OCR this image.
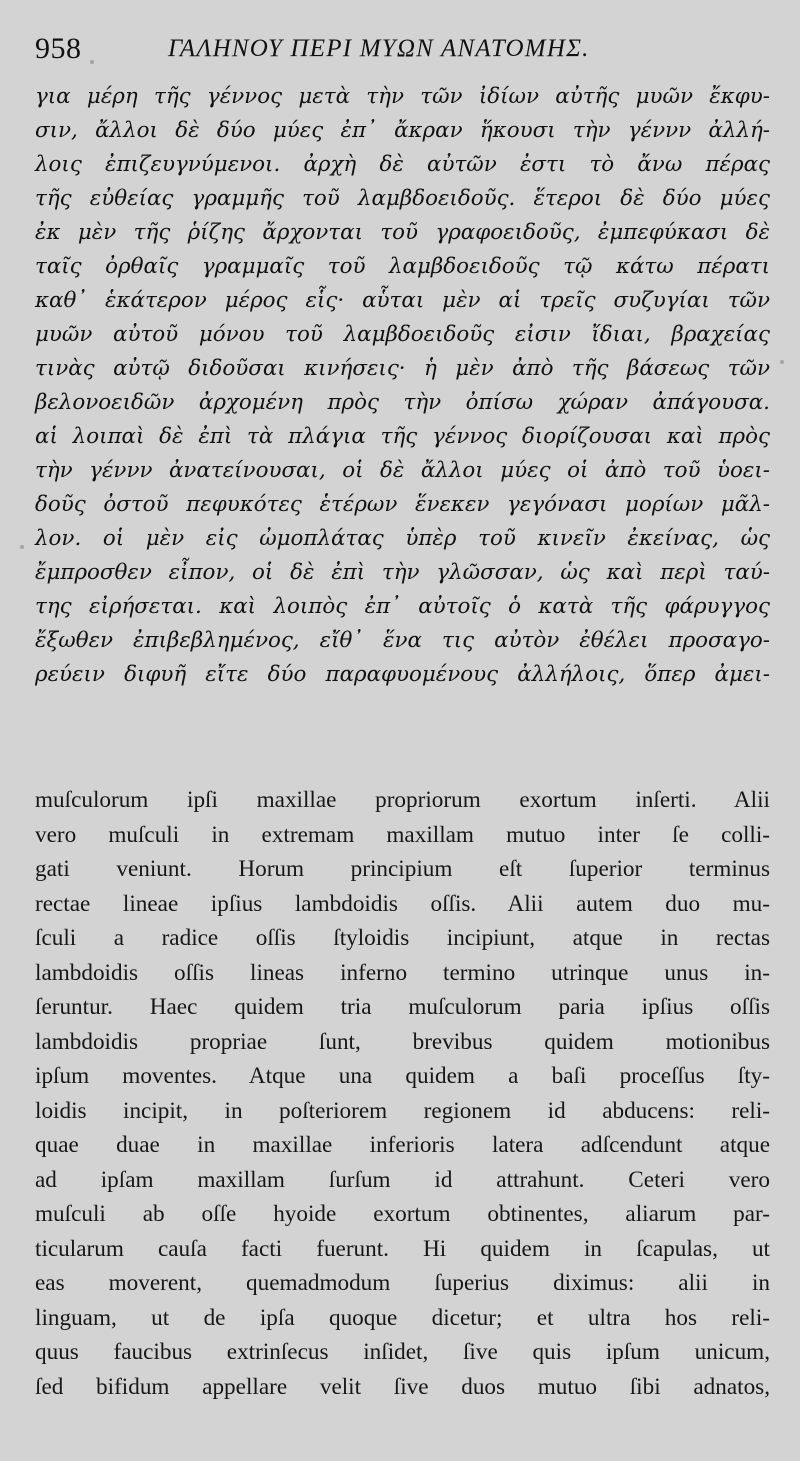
958	ΓΑΛΗΝΟΥ ΠΕΡΙ ΜΥΩΝ ΑΝΑΤΟΜΗΣ.
για μέρη τῆς γέννος μετὰ τὴν τῶν ἰδίων αὐτῆς μυῶν ἔκφυ-
σιν, ἄλλοι δὲ δύο μύες ἐπ᾽ ἄκραν ἥκουσι τὴν γέννν ἀλλή-
λοις ἐπιζευγνύμενοι. ἀρχὴ δὲ αὐτῶν ἐστι τὸ ἄνω πέρας
τῆς εὐθείας γραμμῆς τοῦ λαμβδοειδοῦς. ἕτεροι δὲ δύο μύες
ἐκ μὲν τῆς ῥίζης ἄρχονται τοῦ γραφοειδοῦς, ἐμπεφύκασι δὲ
ταῖς ὀρθαῖς γραμμαῖς τοῦ λαμβδοειδοῦς τῷ κάτω πέρατι
καθ᾽ ἑκάτερον μέρος εἷς· αὗται μὲν αἱ τρεῖς συζυγίαι τῶν
μυῶν αὐτοῦ μόνου τοῦ λαμβδοειδοῦς εἰσιν ἴδιαι, βραχείας
τινὰς αὐτῷ διδοῦσαι κινήσεις· ἡ μὲν ἀπὸ τῆς βάσεως τῶν
βελονοειδῶν ἀρχομένη πρὸς τὴν ὀπίσω χώραν ἀπάγουσα.
αἱ λοιπαὶ δὲ ἐπὶ τὰ πλάγια τῆς γέννος διορίζουσαι καὶ πρὸς
τὴν γέννν ἀνατείνουσαι, οἱ δὲ ἄλλοι μύες οἱ ἀπὸ τοῦ ὑοει-
δοῦς ὀστοῦ πεφυκότες ἑτέρων ἕνεκεν γεγόνασι μορίων μᾶλ-
λον. οἱ μὲν εἰς ὠμοπλάτας ὑπὲρ τοῦ κινεῖν ἐκείνας, ὡς
ἔμπροσθεν εἶπον, οἱ δὲ ἐπὶ τὴν γλῶσσαν, ὡς καὶ περὶ ταύ-
της εἰρήσεται. καὶ λοιπὸς ἐπ᾽ αὐτοῖς ὁ κατὰ τῆς φάρυγγος
ἔξωθεν ἐπιβεβλημένος, εἴθ᾽ ἕνα τις αὐτὸν ἐθέλει προσαγο-
ρεύειν διφυῆ εἴτε δύο παραφυομένους ἀλλήλοις, ὅπερ ἀμει-
muſculorum ipſi maxillae propriorum exortum inſerti. Alii
vero muſculi in extremam maxillam mutuo inter ſe colli-
gati veniunt. Horum principium eſt ſuperior terminus
rectae lineae ipſius lambdoidis oſſis. Alii autem duo mu-
ſculi a radice oſſis ſtyloidis incipiunt, atque in rectas
lambdoidis oſſis lineas inferno termino utrinque unus in-
ſeruntur. Haec quidem tria muſculorum paria ipſius oſſis
lambdoidis propriae ſunt, brevibus quidem motionibus
ipſum moventes. Atque una quidem a baſi proceſſus ſty-
loidis incipit, in poſteriorem regionem id abducens: reli-
quae duae in maxillae inferioris latera adſcendunt atque
ad ipſam maxillam ſurſum id attrahunt. Ceteri vero
muſculi ab oſſe hyoide exortum obtinentes, aliarum par-
ticularum cauſa facti fuerunt. Hi quidem in ſcapulas, ut
eas moverent, quemadmodum ſuperius diximus: alii in
linguam, ut de ipſa quoque dicetur; et ultra hos reli-
quus faucibus extrinſecus inſidet, ſive quis ipſum unicum,
ſed bifidum appellare velit ſive duos mutuo ſibi adnatos,
